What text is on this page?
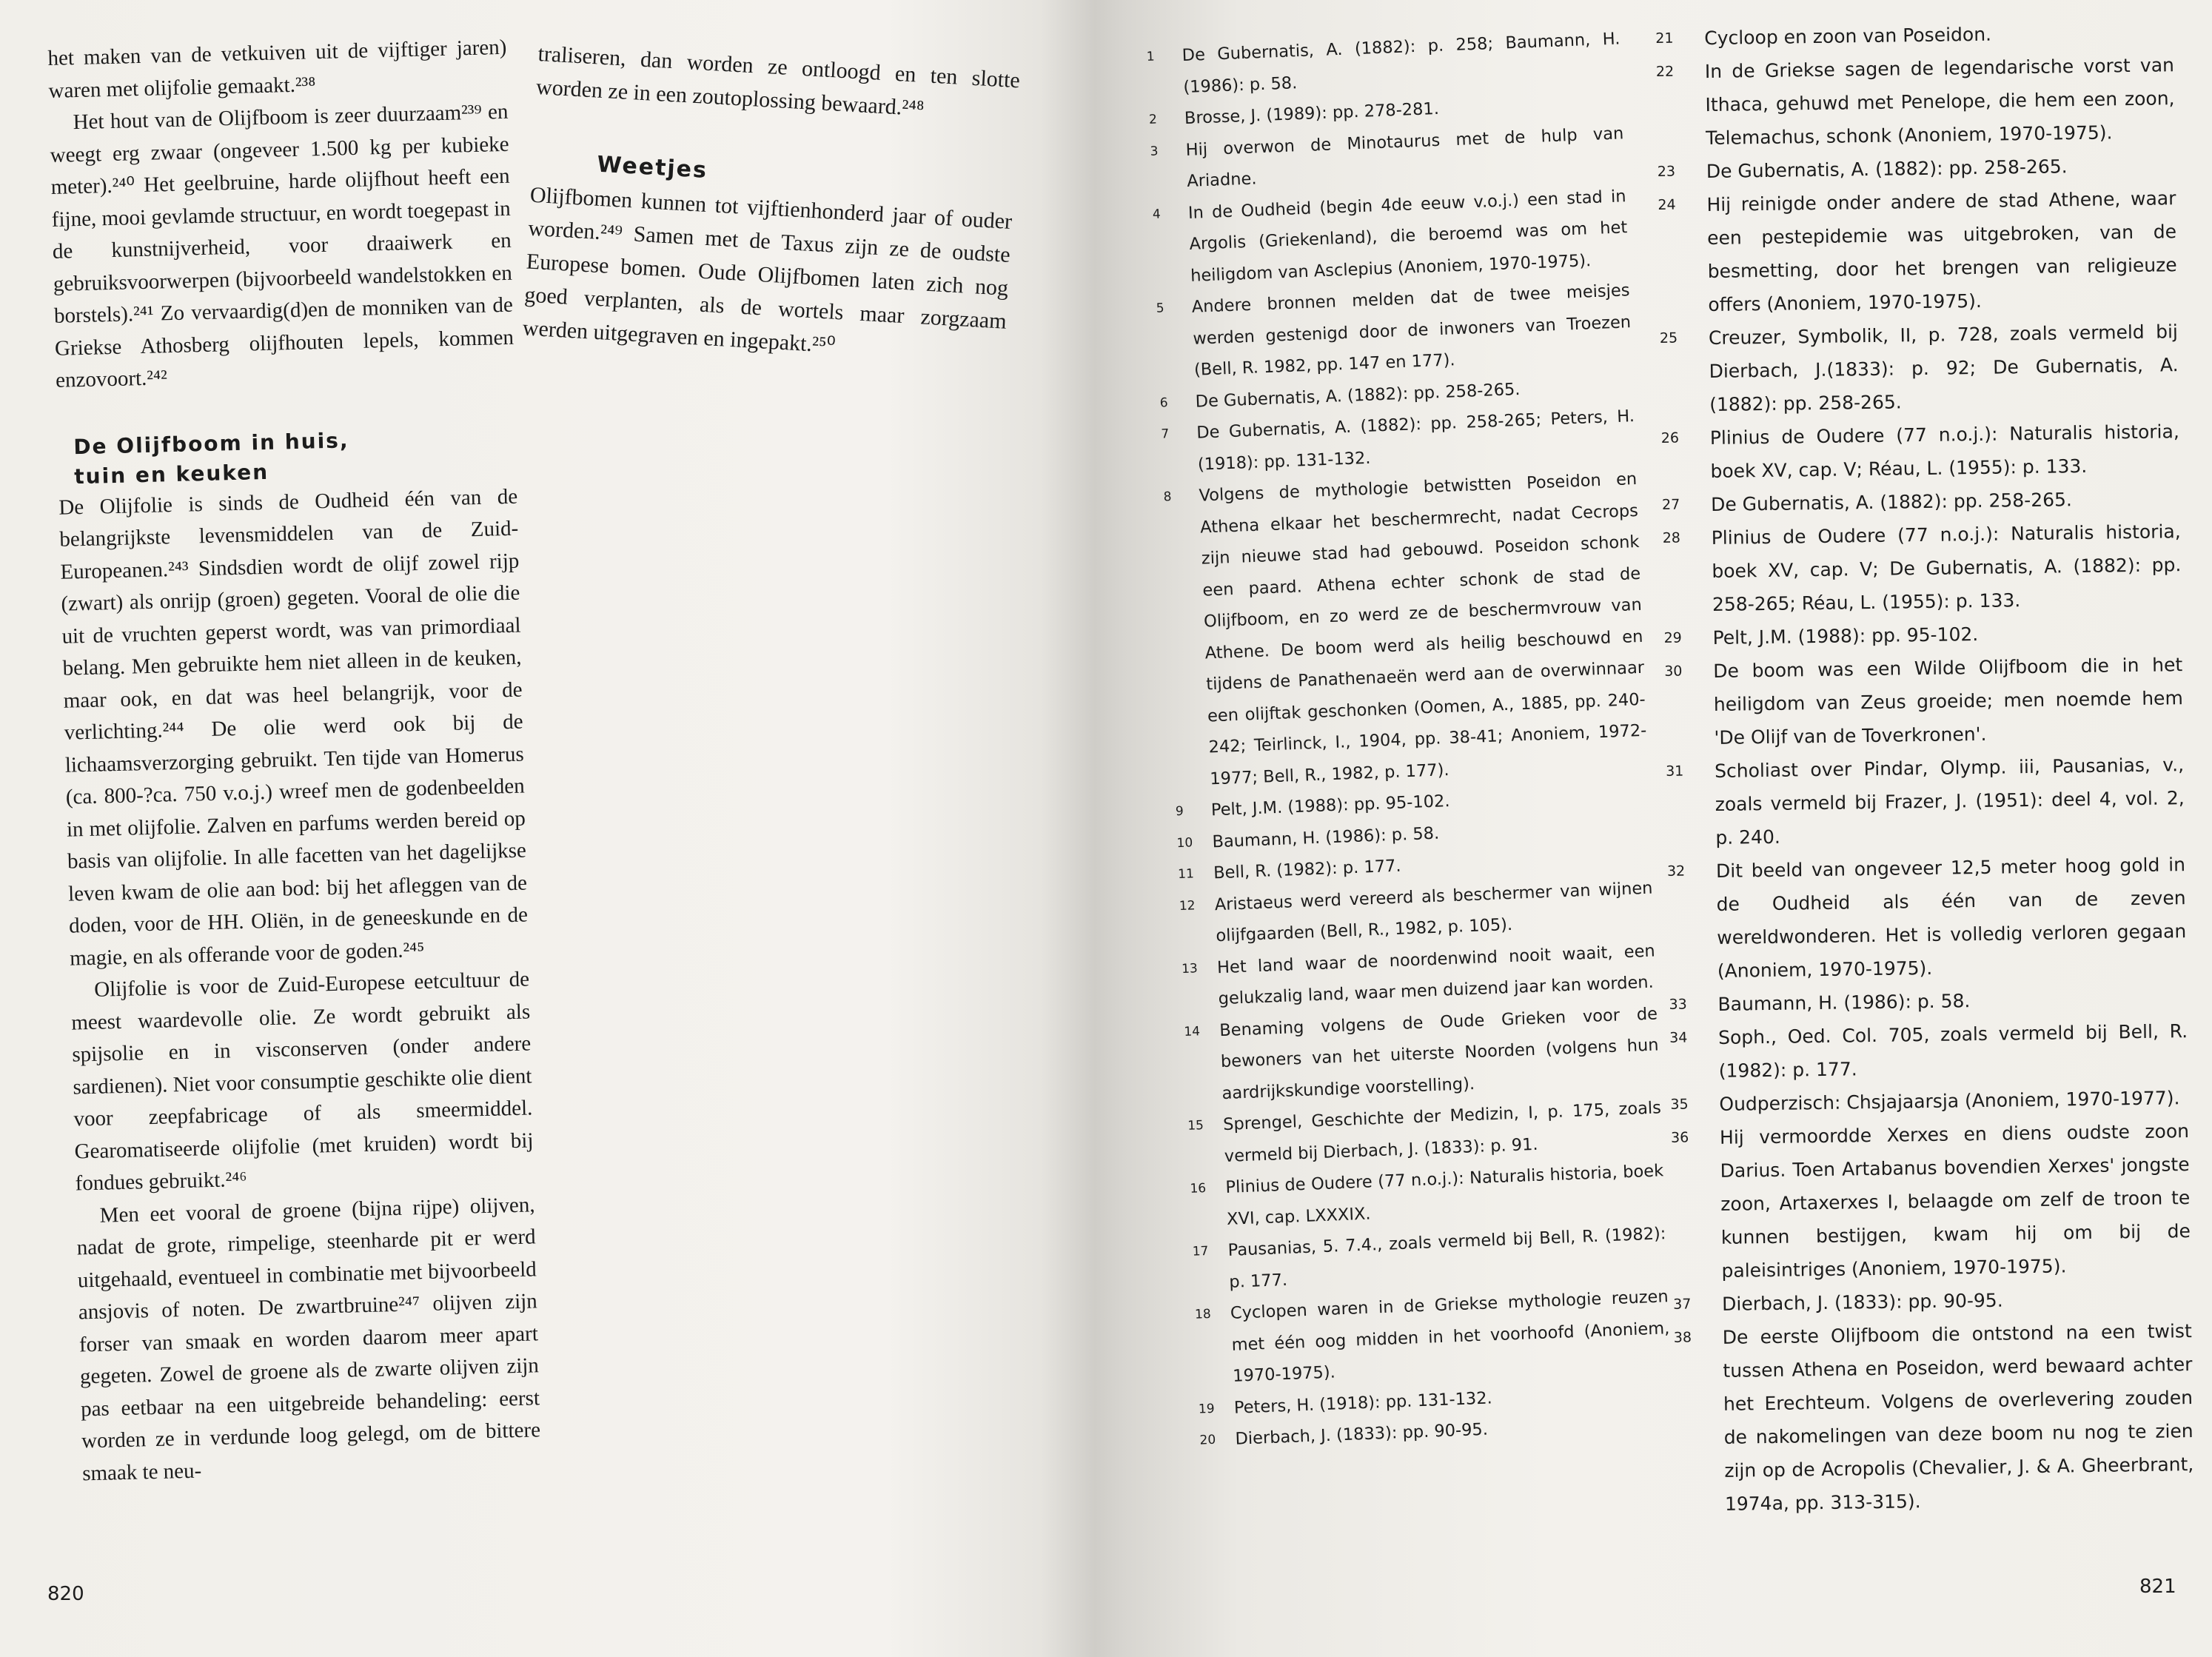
het maken van de vetkuiven uit de vijftiger jaren) waren met olijfolie gemaakt.²³⁸

Het hout van de Olijfboom is zeer duurzaam²³⁹ en weegt erg zwaar (ongeveer 1.500 kg per kubieke meter).²⁴⁰ Het geelbruine, harde olijfhout heeft een fijne, mooi gevlamde structuur, en wordt toegepast in de kunstnijverheid, voor draaiwerk en gebruiksvoorwerpen (bijvoorbeeld wandelstokken en borstels).²⁴¹ Zo vervaardig(d)en de monniken van de Griekse Athosberg olijfhouten lepels, kommen enzovoort.²⁴²

De Olijfboom in huis,
tuin en keuken

De Olijfolie is sinds de Oudheid één van de belangrijkste levensmiddelen van de Zuid-Europeanen.²⁴³ Sindsdien wordt de olijf zowel rijp (zwart) als onrijp (groen) gegeten. Vooral de olie die uit de vruchten geperst wordt, was van primordiaal belang. Men gebruikte hem niet alleen in de keuken, maar ook, en dat was heel belangrijk, voor de verlichting.²⁴⁴ De olie werd ook bij de lichaamsverzorging gebruikt. Ten tijde van Homerus (ca. 800-?ca. 750 v.o.j.) wreef men de godenbeelden in met olijfolie. Zalven en parfums werden bereid op basis van olijfolie. In alle facetten van het dagelijkse leven kwam de olie aan bod: bij het afleggen van de doden, voor de HH. Oliën, in de geneeskunde en de magie, en als offerande voor de goden.²⁴⁵

Olijfolie is voor de Zuid-Europese eetcultuur de meest waardevolle olie. Ze wordt gebruikt als spijsolie en in visconserven (onder andere sardienen). Niet voor consumptie geschikte olie dient voor zeepfabricage of als smeermiddel. Gearomatiseerde olijfolie (met kruiden) wordt bij fondues gebruikt.²⁴⁶

Men eet vooral de groene (bijna rijpe) olijven, nadat de grote, rimpelige, steenharde pit er werd uitgehaald, eventueel in combinatie met bijvoorbeeld ansjovis of noten. De zwartbruine²⁴⁷ olijven zijn forser van smaak en worden daarom meer apart gegeten. Zowel de groene als de zwarte olijven zijn pas eetbaar na een uitgebreide behandeling: eerst worden ze in verdunde loog gelegd, om de bittere smaak te neu-

traliseren, dan worden ze ontloogd en ten slotte worden ze in een zoutoplossing bewaard.²⁴⁸

Weetjes

Olijfbomen kunnen tot vijftienhonderd jaar of ouder worden.²⁴⁹ Samen met de Taxus zijn ze de oudste Europese bomen. Oude Olijfbomen laten zich nog goed verplanten, als de wortels maar zorgzaam werden uitgegraven en ingepakt.²⁵⁰

820
1	De Gubernatis, A. (1882): p. 258; Baumann, H. (1986): p. 58.
2	Brosse, J. (1989): pp. 278-281.
3	Hij overwon de Minotaurus met de hulp van Ariadne.
4	In de Oudheid (begin 4de eeuw v.o.j.) een stad in Argolis (Griekenland), die beroemd was om het heiligdom van Asclepius (Anoniem, 1970-1975).
5	Andere bronnen melden dat de twee meisjes werden gestenigd door de inwoners van Troezen (Bell, R. 1982, pp. 147 en 177).
6	De Gubernatis, A. (1882): pp. 258-265.
7	De Gubernatis, A. (1882): pp. 258-265; Peters, H. (1918): pp. 131-132.
8	Volgens de mythologie betwistten Poseidon en Athena elkaar het beschermrecht, nadat Cecrops zijn nieuwe stad had gebouwd. Poseidon schonk een paard. Athena echter schonk de stad de Olijfboom, en zo werd ze de beschermvrouw van Athene. De boom werd als heilig beschouwd en tijdens de Panathenaeën werd aan de overwinnaar een olijftak geschonken (Oomen, A., 1885, pp. 240-242; Teirlinck, I., 1904, pp. 38-41; Anoniem, 1972-1977; Bell, R., 1982, p. 177).
9	Pelt, J.M. (1988): pp. 95-102.
10	Baumann, H. (1986): p. 58.
11	Bell, R. (1982): p. 177.
12	Aristaeus werd vereerd als beschermer van wijnen olijfgaarden (Bell, R., 1982, p. 105).
13	Het land waar de noordenwind nooit waait, een gelukzalig land, waar men duizend jaar kan worden.
14	Benaming volgens de Oude Grieken voor de bewoners van het uiterste Noorden (volgens hun aardrijkskundige voorstelling).
15	Sprengel, Geschichte der Medizin, I, p. 175, zoals vermeld bij Dierbach, J. (1833): p. 91.
16	Plinius de Oudere (77 n.o.j.): Naturalis historia, boek XVI, cap. LXXXIX.
17	Pausanias, 5. 7.4., zoals vermeld bij Bell, R. (1982): p. 177.
18	Cyclopen waren in de Griekse mythologie reuzen met één oog midden in het voorhoofd (Anoniem, 1970-1975).
19	Peters, H. (1918): pp. 131-132.
20	Dierbach, J. (1833): pp. 90-95.
21	Cycloop en zoon van Poseidon.
22	In de Griekse sagen de legendarische vorst van Ithaca, gehuwd met Penelope, die hem een zoon, Telemachus, schonk (Anoniem, 1970-1975).
23	De Gubernatis, A. (1882): pp. 258-265.
24	Hij reinigde onder andere de stad Athene, waar een pestepidemie was uitgebroken, van de besmetting, door het brengen van religieuze offers (Anoniem, 1970-1975).
25	Creuzer, Symbolik, II, p. 728, zoals vermeld bij Dierbach, J.(1833): p. 92; De Gubernatis, A. (1882): pp. 258-265.
26	Plinius de Oudere (77 n.o.j.): Naturalis historia, boek XV, cap. V; Réau, L. (1955): p. 133.
27	De Gubernatis, A. (1882): pp. 258-265.
28	Plinius de Oudere (77 n.o.j.): Naturalis historia, boek XV, cap. V; De Gubernatis, A. (1882): pp. 258-265; Réau, L. (1955): p. 133.
29	Pelt, J.M. (1988): pp. 95-102.
30	De boom was een Wilde Olijfboom die in het heiligdom van Zeus groeide; men noemde hem 'De Olijf van de Toverkronen'.
31	Scholiast over Pindar, Olymp. iii, Pausanias, v., zoals vermeld bij Frazer, J. (1951): deel 4, vol. 2, p. 240.
32	Dit beeld van ongeveer 12,5 meter hoog gold in de Oudheid als één van de zeven wereldwonderen. Het is volledig verloren gegaan (Anoniem, 1970-1975).
33	Baumann, H. (1986): p. 58.
34	Soph., Oed. Col. 705, zoals vermeld bij Bell, R. (1982): p. 177.
35	Oudperzisch: Chsjajaarsja (Anoniem, 1970-1977).
36	Hij vermoordde Xerxes en diens oudste zoon Darius. Toen Artabanus bovendien Xerxes' jongste zoon, Artaxerxes I, belaagde om zelf de troon te kunnen bestijgen, kwam hij om bij de paleisintriges (Anoniem, 1970-1975).
37	Dierbach, J. (1833): pp. 90-95.
38	De eerste Olijfboom die ontstond na een twist tussen Athena en Poseidon, werd bewaard achter het Erechteum. Volgens de overlevering zouden de nakomelingen van deze boom nu nog te zien zijn op de Acropolis (Chevalier, J. & A. Gheerbrant, 1974a, pp. 313-315).
821
